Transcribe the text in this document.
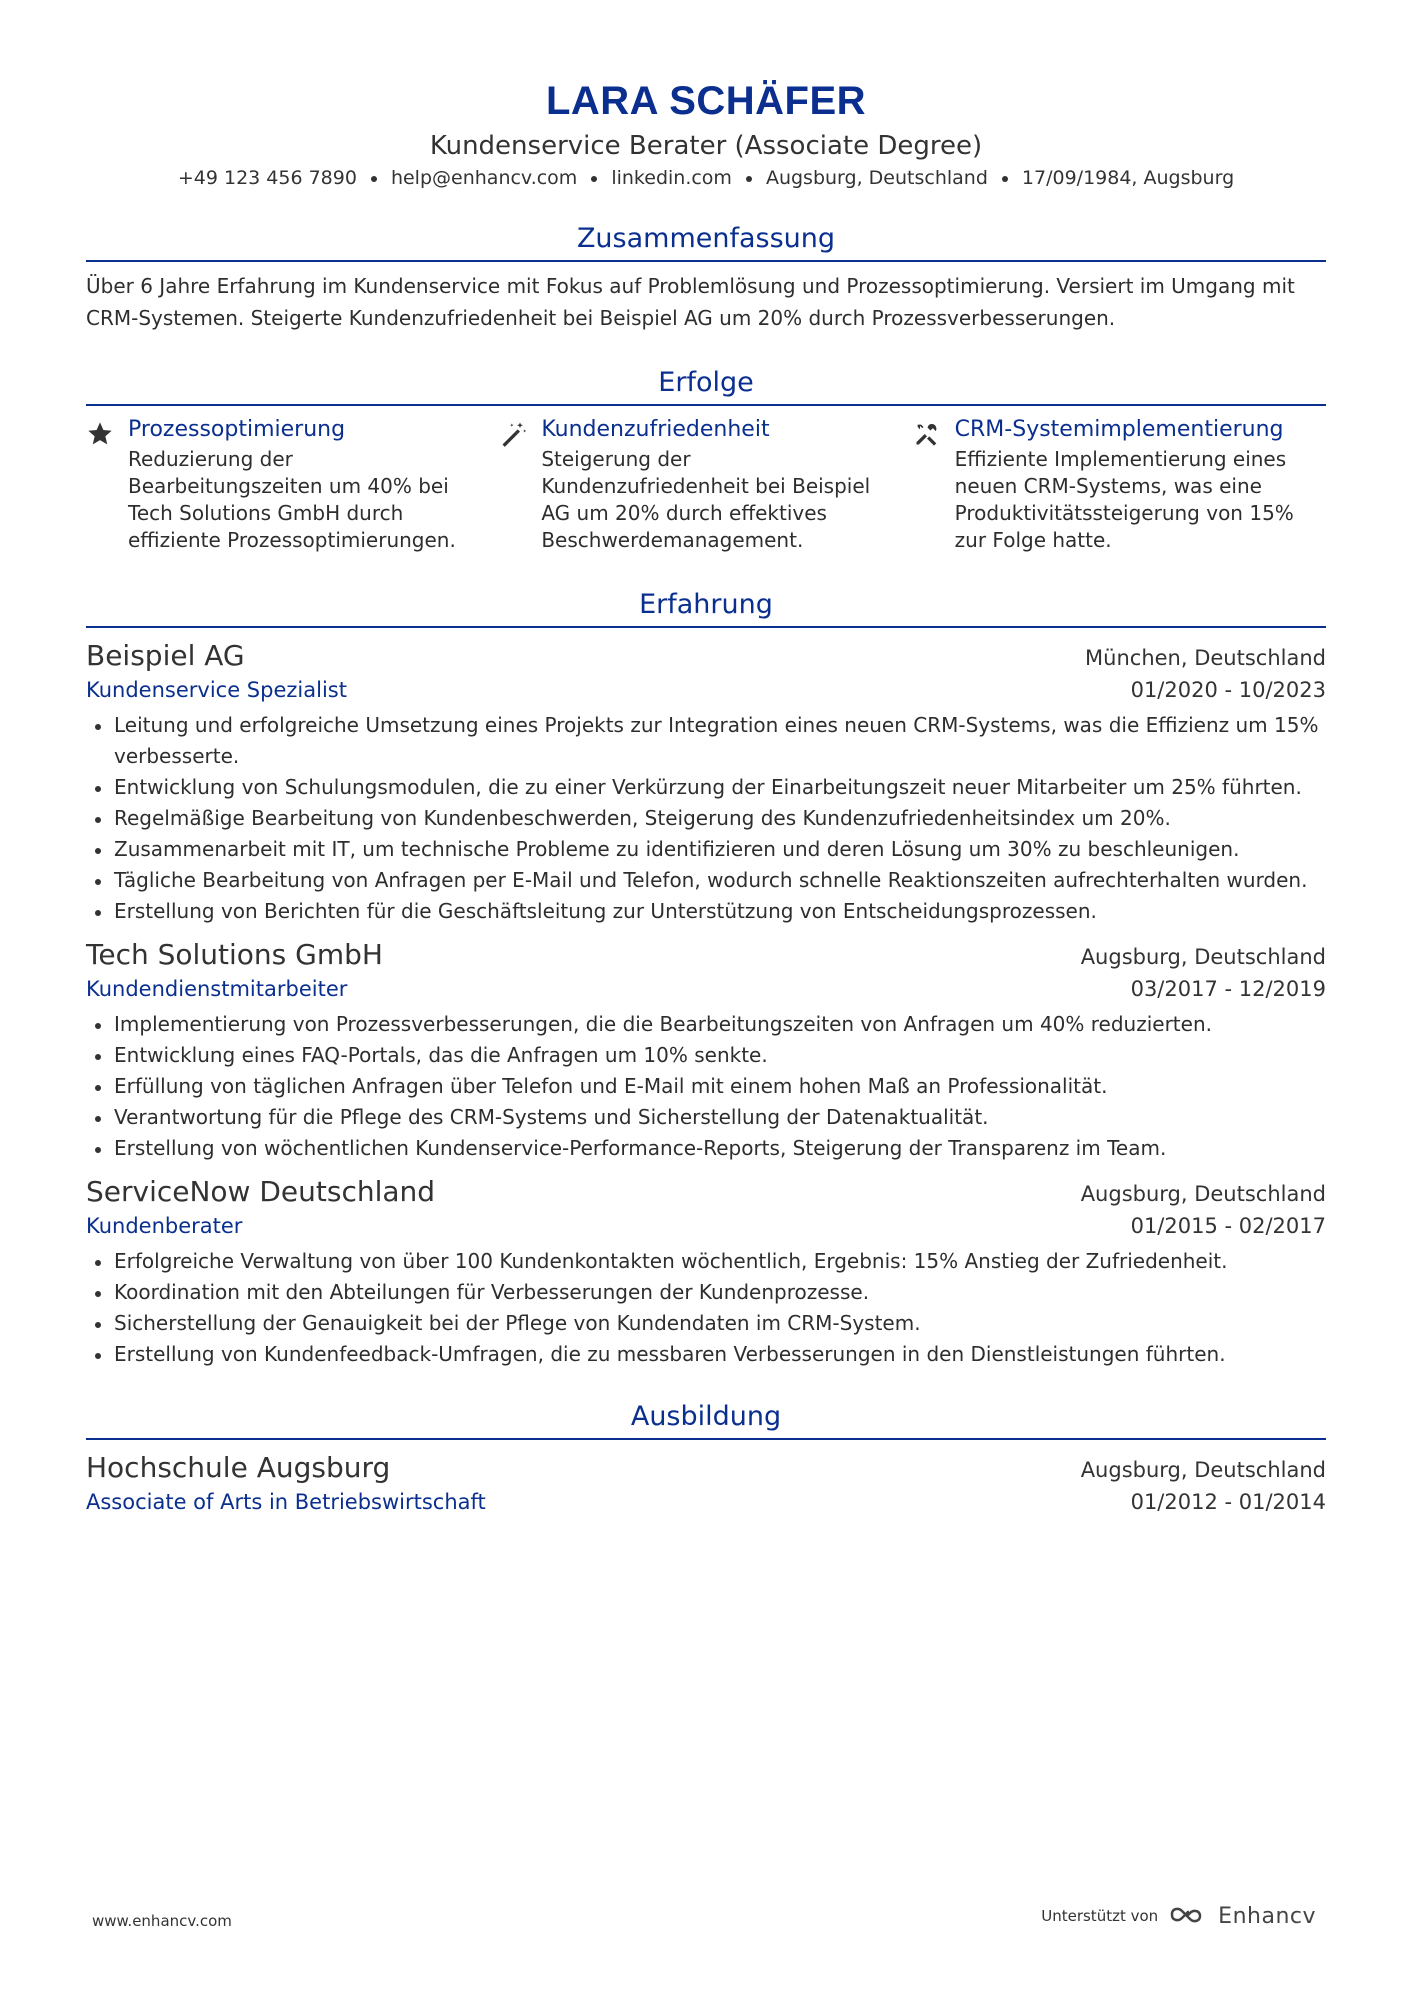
LARA SCHÄFER
Kundenservice Berater (Associate Degree)
+49 123 456 7890 help@enhancv.com linkedin.com Augsburg, Deutschland 17/09/1984, Augsburg
Zusammenfassung
Über 6 Jahre Erfahrung im Kundenservice mit Fokus auf Problemlösung und Prozessoptimierung. Versiert im Umgang mit CRM-Systemen. Steigerte Kundenzufriedenheit bei Beispiel AG um 20% durch Prozessverbesserungen.
Erfolge
Prozessoptimierung
Reduzierung der Bearbeitungszeiten um 40% bei Tech Solutions GmbH durch effiziente Prozessoptimierungen.
Kundenzufriedenheit
Steigerung der Kundenzufriedenheit bei Beispiel AG um 20% durch effektives Beschwerdemanagement.
CRM-Systemimplementierung
Effiziente Implementierung eines neuen CRM-Systems, was eine Produktivitätssteigerung von 15% zur Folge hatte.
Erfahrung
Beispiel AG	München, Deutschland
Kundenservice Spezialist	01/2020 - 10/2023
Leitung und erfolgreiche Umsetzung eines Projekts zur Integration eines neuen CRM-Systems, was die Effizienz um 15% verbesserte.
Entwicklung von Schulungsmodulen, die zu einer Verkürzung der Einarbeitungszeit neuer Mitarbeiter um 25% führten.
Regelmäßige Bearbeitung von Kundenbeschwerden, Steigerung des Kundenzufriedenheitsindex um 20%.
Zusammenarbeit mit IT, um technische Probleme zu identifizieren und deren Lösung um 30% zu beschleunigen.
Tägliche Bearbeitung von Anfragen per E-Mail und Telefon, wodurch schnelle Reaktionszeiten aufrechterhalten wurden.
Erstellung von Berichten für die Geschäftsleitung zur Unterstützung von Entscheidungsprozessen.
Tech Solutions GmbH	Augsburg, Deutschland
Kundendienstmitarbeiter	03/2017 - 12/2019
Implementierung von Prozessverbesserungen, die die Bearbeitungszeiten von Anfragen um 40% reduzierten.
Entwicklung eines FAQ-Portals, das die Anfragen um 10% senkte.
Erfüllung von täglichen Anfragen über Telefon und E-Mail mit einem hohen Maß an Professionalität.
Verantwortung für die Pflege des CRM-Systems und Sicherstellung der Datenaktualität.
Erstellung von wöchentlichen Kundenservice-Performance-Reports, Steigerung der Transparenz im Team.
ServiceNow Deutschland	Augsburg, Deutschland
Kundenberater	01/2015 - 02/2017
Erfolgreiche Verwaltung von über 100 Kundenkontakten wöchentlich, Ergebnis: 15% Anstieg der Zufriedenheit.
Koordination mit den Abteilungen für Verbesserungen der Kundenprozesse.
Sicherstellung der Genauigkeit bei der Pflege von Kundendaten im CRM-System.
Erstellung von Kundenfeedback-Umfragen, die zu messbaren Verbesserungen in den Dienstleistungen führten.
Ausbildung
Hochschule Augsburg	Augsburg, Deutschland
Associate of Arts in Betriebswirtschaft	01/2012 - 01/2014
www.enhancv.com	Unterstützt von	Enhancv
